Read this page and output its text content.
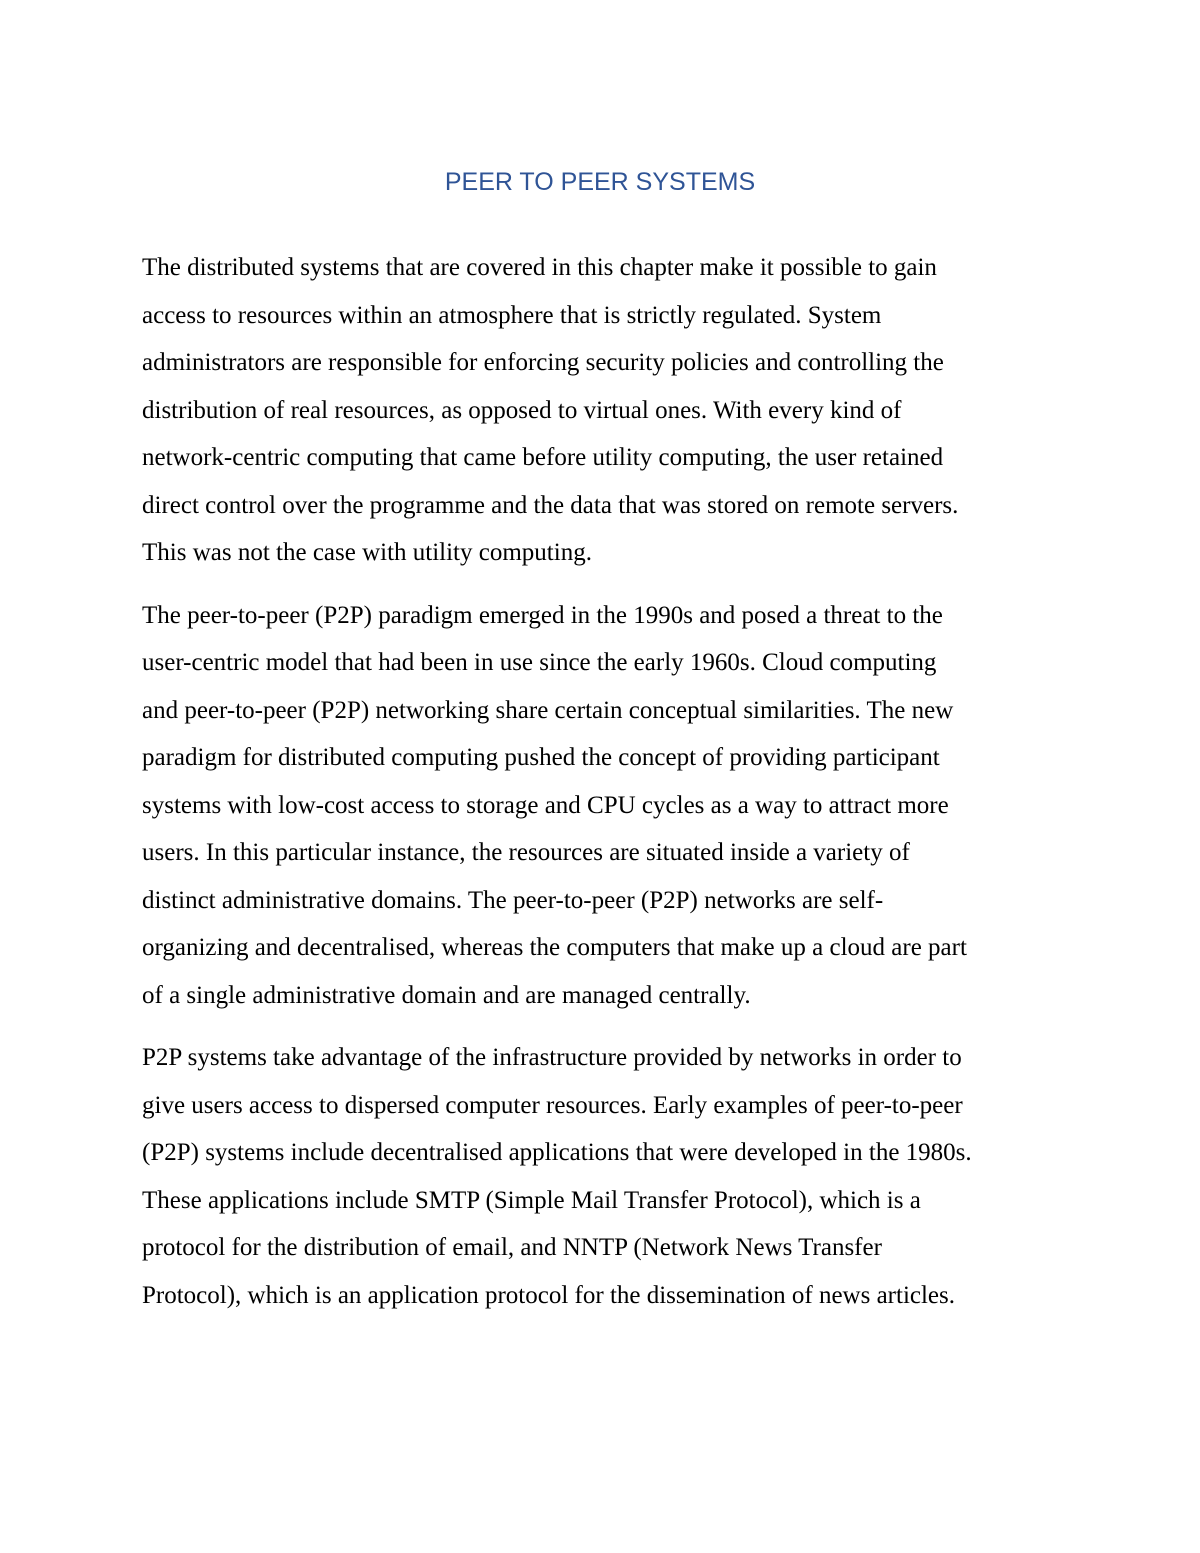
PEER TO PEER SYSTEMS

The distributed systems that are covered in this chapter make it possible to gain
access to resources within an atmosphere that is strictly regulated. System
administrators are responsible for enforcing security policies and controlling the
distribution of real resources, as opposed to virtual ones. With every kind of
network-centric computing that came before utility computing, the user retained
direct control over the programme and the data that was stored on remote servers.
This was not the case with utility computing.

The peer-to-peer (P2P) paradigm emerged in the 1990s and posed a threat to the
user-centric model that had been in use since the early 1960s. Cloud computing
and peer-to-peer (P2P) networking share certain conceptual similarities. The new
paradigm for distributed computing pushed the concept of providing participant
systems with low-cost access to storage and CPU cycles as a way to attract more
users. In this particular instance, the resources are situated inside a variety of
distinct administrative domains. The peer-to-peer (P2P) networks are self-
organizing and decentralised, whereas the computers that make up a cloud are part
of a single administrative domain and are managed centrally.

P2P systems take advantage of the infrastructure provided by networks in order to
give users access to dispersed computer resources. Early examples of peer-to-peer
(P2P) systems include decentralised applications that were developed in the 1980s.
These applications include SMTP (Simple Mail Transfer Protocol), which is a
protocol for the distribution of email, and NNTP (Network News Transfer
Protocol), which is an application protocol for the dissemination of news articles.
